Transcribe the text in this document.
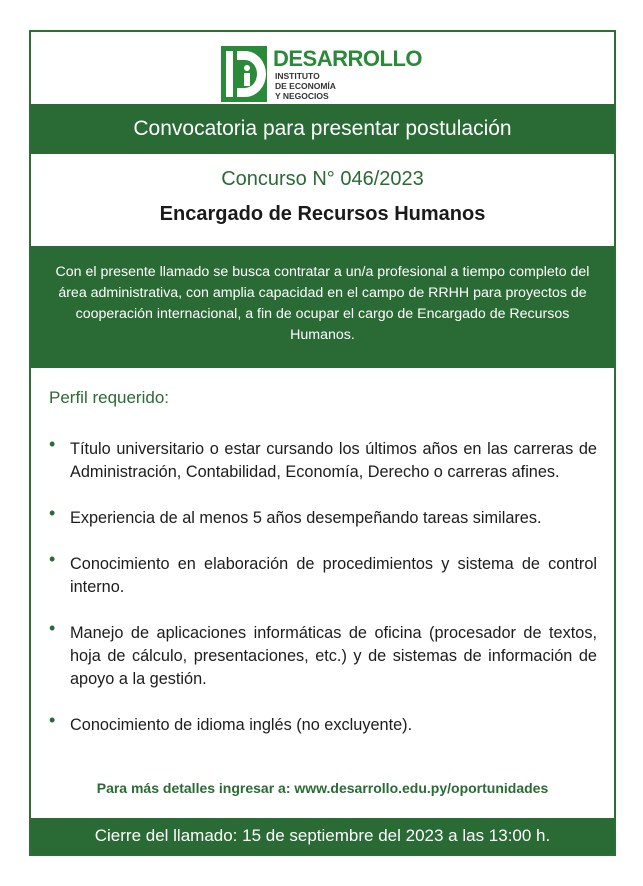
DESARROLLO
INSTITUTO
DE ECONOMÍA
Y NEGOCIOS
Convocatoria para presentar postulación
Concurso N° 046/2023
Encargado de Recursos Humanos
Con el presente llamado se busca contratar a un/a profesional a tiempo completo del área administrativa, con amplia capacidad en el campo de RRHH para proyectos de cooperación internacional, a fin de ocupar el cargo de Encargado de Recursos Humanos.
Perfil requerido:
• Título universitario o estar cursando los últimos años en las carreras de Administración, Contabilidad, Economía, Derecho o carreras afines.
• Experiencia de al menos 5 años desempeñando tareas similares.
• Conocimiento en elaboración de procedimientos y sistema de control interno.
• Manejo de aplicaciones informáticas de oficina (procesador de textos, hoja de cálculo, presentaciones, etc.) y de sistemas de información de apoyo a la gestión.
• Conocimiento de idioma inglés (no excluyente).
Para más detalles ingresar a: www.desarrollo.edu.py/oportunidades
Cierre del llamado: 15 de septiembre del 2023 a las 13:00 h.
